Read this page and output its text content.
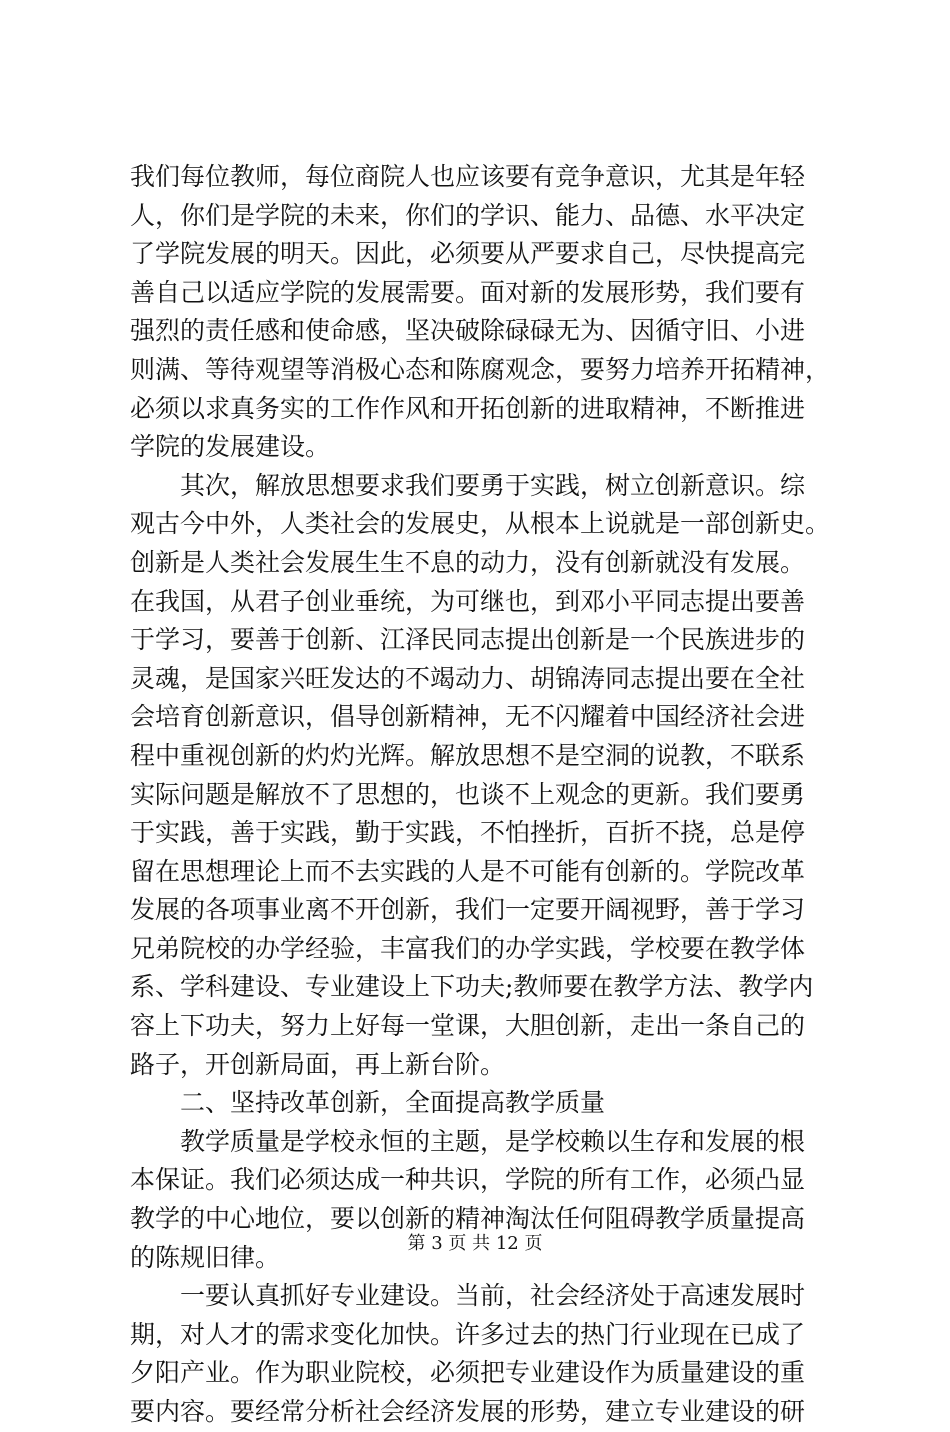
我们每位教师，每位商院人也应该要有竞争意识，尤其是年轻
人，你们是学院的未来，你们的学识、能力、品德、水平决定
了学院发展的明天。因此，必须要从严要求自己，尽快提高完
善自己以适应学院的发展需要。面对新的发展形势，我们要有
强烈的责任感和使命感，坚决破除碌碌无为、因循守旧、小进
则满、等待观望等消极心态和陈腐观念，要努力培养开拓精神，
必须以求真务实的工作作风和开拓创新的进取精神，不断推进
学院的发展建设。
其次，解放思想要求我们要勇于实践，树立创新意识。综
观古今中外，人类社会的发展史，从根本上说就是一部创新史。
创新是人类社会发展生生不息的动力，没有创新就没有发展。
在我国，从君子创业垂统，为可继也，到邓小平同志提出要善
于学习，要善于创新、江泽民同志提出创新是一个民族进步的
灵魂，是国家兴旺发达的不竭动力、胡锦涛同志提出要在全社
会培育创新意识，倡导创新精神，无不闪耀着中国经济社会进
程中重视创新的灼灼光辉。解放思想不是空洞的说教，不联系
实际问题是解放不了思想的，也谈不上观念的更新。我们要勇
于实践，善于实践，勤于实践，不怕挫折，百折不挠，总是停
留在思想理论上而不去实践的人是不可能有创新的。学院改革
发展的各项事业离不开创新，我们一定要开阔视野，善于学习
兄弟院校的办学经验，丰富我们的办学实践，学校要在教学体
系、学科建设、专业建设上下功夫;教师要在教学方法、教学内
容上下功夫，努力上好每一堂课，大胆创新，走出一条自己的
路子，开创新局面，再上新台阶。
二、坚持改革创新，全面提高教学质量
教学质量是学校永恒的主题，是学校赖以生存和发展的根
本保证。我们必须达成一种共识，学院的所有工作，必须凸显
教学的中心地位，要以创新的精神淘汰任何阻碍教学质量提高
的陈规旧律。
一要认真抓好专业建设。当前，社会经济处于高速发展时
期，对人才的需求变化加快。许多过去的热门行业现在已成了
夕阳产业。作为职业院校，必须把专业建设作为质量建设的重
要内容。要经常分析社会经济发展的形势，建立专业建设的研
第 3 页 共 12 页
